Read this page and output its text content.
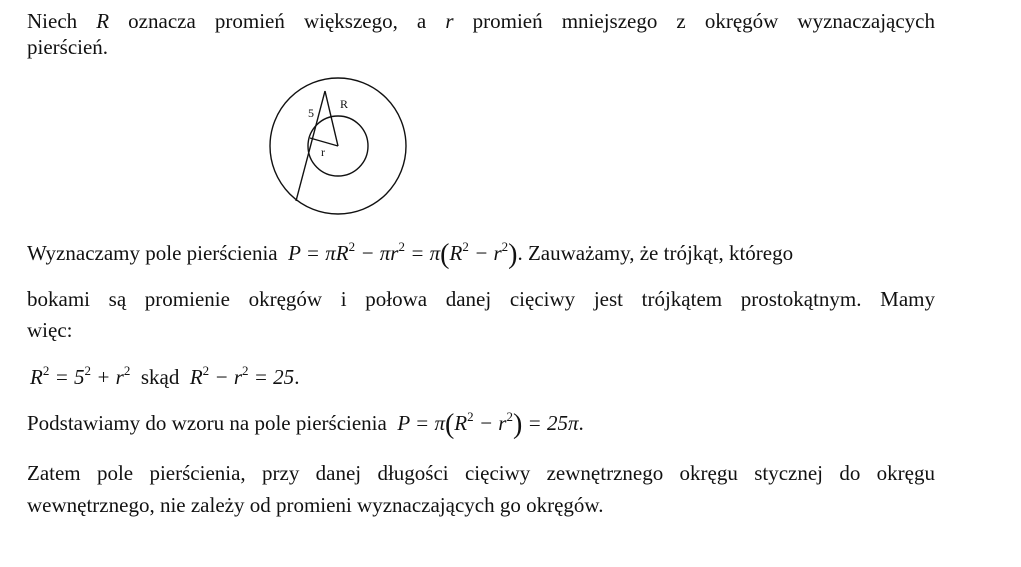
Niech R oznacza promień większego, a r promień mniejszego z okręgów wyznaczających
pierścień.
5
R
r
Wyznaczamy pole pierścienia $P = \pi R^2 - \pi r^2 = \pi(R^2 - r^2)$. Zauważamy, że trójkąt, którego
bokami są promienie okręgów i połowa danej cięciwy jest trójkątem prostokątnym. Mamy
więc:
$R^2 = 5^2 + r^2$ skąd $R^2 - r^2 = 25$.
Podstawiamy do wzoru na pole pierścienia $P = \pi(R^2 - r^2) = 25\pi$.
Zatem pole pierścienia, przy danej długości cięciwy zewnętrznego okręgu stycznej do okręgu
wewnętrznego, nie zależy od promieni wyznaczających go okręgów.
